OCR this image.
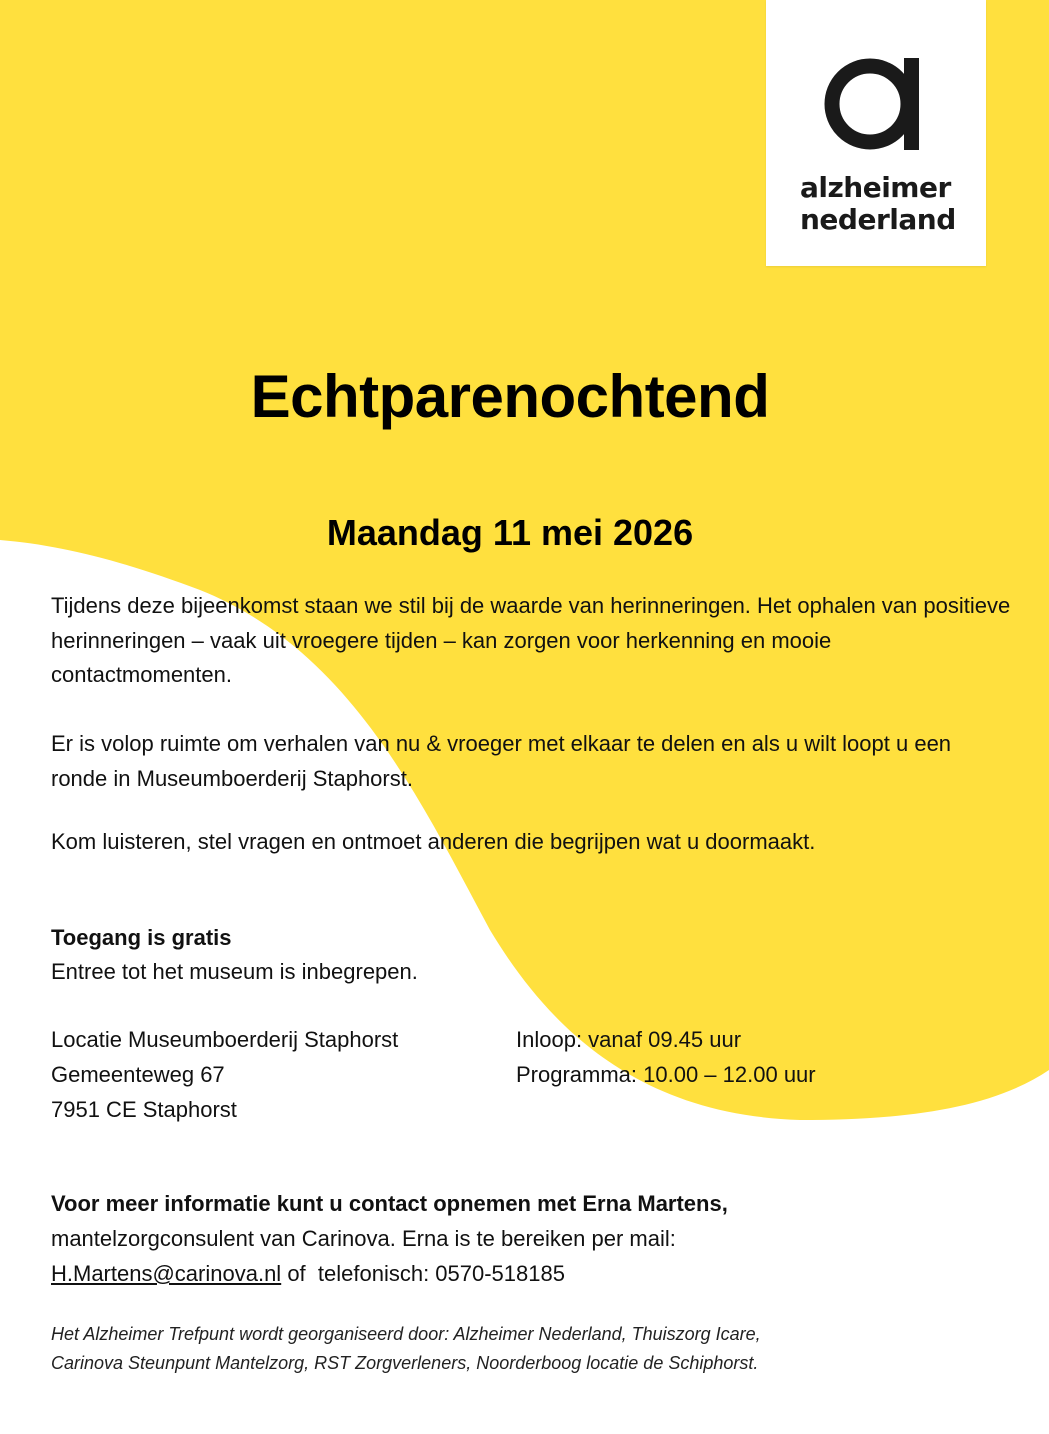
alzheimer
nederland
Echtparenochtend
Maandag 11 mei 2026

Tijdens deze bijeenkomst staan we stil bij de waarde van herinneringen. Het ophalen van positieve herinneringen – vaak uit vroegere tijden – kan zorgen voor herkenning en mooie contactmomenten.

Er is volop ruimte om verhalen van nu & vroeger met elkaar te delen en als u wilt loopt u een ronde in Museumboerderij Staphorst.

Kom luisteren, stel vragen en ontmoet anderen die begrijpen wat u doormaakt.

Toegang is gratis

Entree tot het museum is inbegrepen.

Locatie Museumboerderij Staphorst
Gemeenteweg 67
7951 CE Staphorst
Inloop: vanaf 09.45 uur
Programma: 10.00 – 12.00 uur
Voor meer informatie kunt u contact opnemen met Erna Martens,
mantelzorgconsulent van Carinova. Erna is te bereiken per mail:
H.Martens@carinova.nl of  telefonisch: 0570-518185
Het Alzheimer Trefpunt wordt georganiseerd door: Alzheimer Nederland, Thuiszorg Icare,
Carinova Steunpunt Mantelzorg, RST Zorgverleners, Noorderboog locatie de Schiphorst.
